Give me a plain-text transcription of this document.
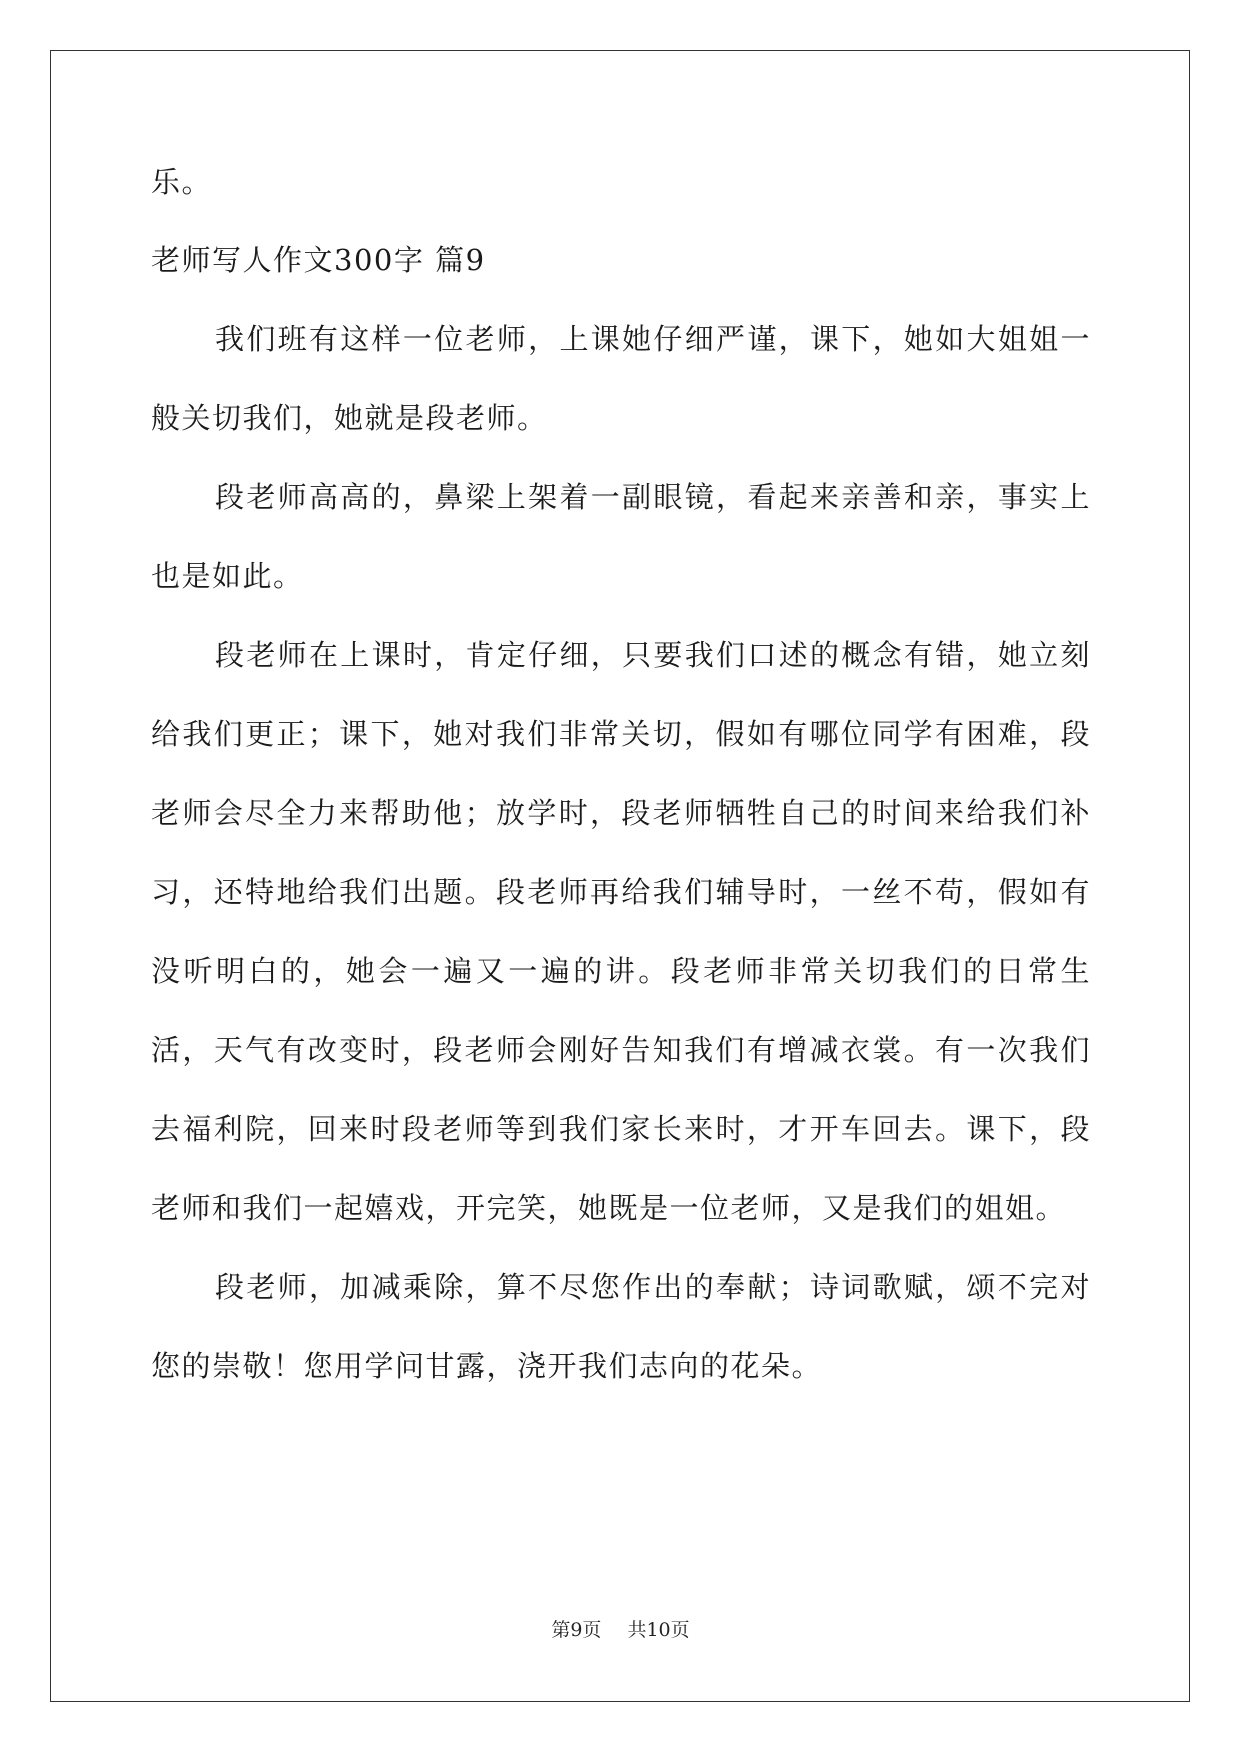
乐。
老师写人作文300字 篇9

我们班有这样一位老师，上课她仔细严谨，课下，她如大姐姐一般关切我们，她就是段老师。

段老师高高的，鼻梁上架着一副眼镜，看起来亲善和亲，事实上也是如此。

段老师在上课时，肯定仔细，只要我们口述的概念有错，她立刻给我们更正；课下，她对我们非常关切，假如有哪位同学有困难，段老师会尽全力来帮助他；放学时，段老师牺牲自己的时间来给我们补习，还特地给我们出题。段老师再给我们辅导时，一丝不苟，假如有没听明白的，她会一遍又一遍的讲。段老师非常关切我们的日常生活，天气有改变时，段老师会刚好告知我们有增减衣裳。有一次我们去福利院，回来时段老师等到我们家长来时，才开车回去。课下，段老师和我们一起嬉戏，开完笑，她既是一位老师，又是我们的姐姐。

段老师，加减乘除，算不尽您作出的奉献；诗词歌赋，颂不完对您的崇敬！您用学问甘露，浇开我们志向的花朵。

第9页 共10页
